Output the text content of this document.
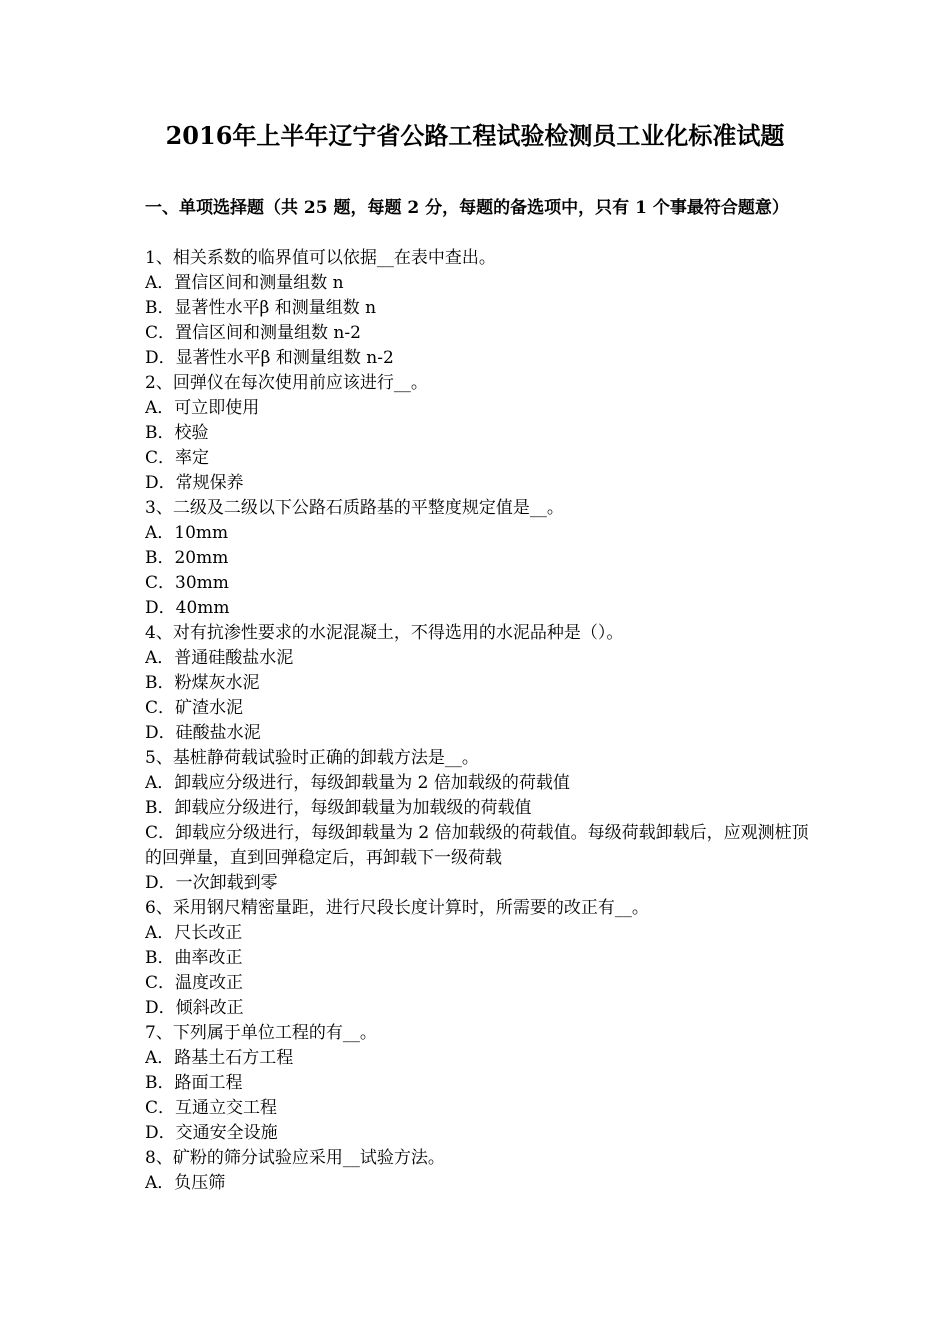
2016年上半年辽宁省公路工程试验检测员工业化标准试题
一、单项选择题（共 25 题，每题 2 分，每题的备选项中，只有 1 个事最符合题意）

1、相关系数的临界值可以依据__在表中查出。

A．置信区间和测量组数 n

B．显著性水平β 和测量组数 n

C．置信区间和测量组数 n-2

D．显著性水平β 和测量组数 n-2

2、回弹仪在每次使用前应该进行__。

A．可立即使用

B．校验

C．率定

D．常规保养

3、二级及二级以下公路石质路基的平整度规定值是__。

A．10mm

B．20mm

C．30mm

D．40mm

4、对有抗渗性要求的水泥混凝土，不得选用的水泥品种是（）。

A．普通硅酸盐水泥

B．粉煤灰水泥

C．矿渣水泥

D．硅酸盐水泥

5、基桩静荷载试验时正确的卸载方法是__。

A．卸载应分级进行，每级卸载量为 2 倍加载级的荷载值

B．卸载应分级进行，每级卸载量为加载级的荷载值

C．卸载应分级进行，每级卸载量为 2 倍加载级的荷载值。每级荷载卸载后，应观测桩顶的回弹量，直到回弹稳定后，再卸载下一级荷载

D．一次卸载到零

6、采用钢尺精密量距，进行尺段长度计算时，所需要的改正有__。

A．尺长改正

B．曲率改正

C．温度改正

D．倾斜改正

7、下列属于单位工程的有__。

A．路基土石方工程

B．路面工程

C．互通立交工程

D．交通安全设施

8、矿粉的筛分试验应采用__试验方法。

A．负压筛
